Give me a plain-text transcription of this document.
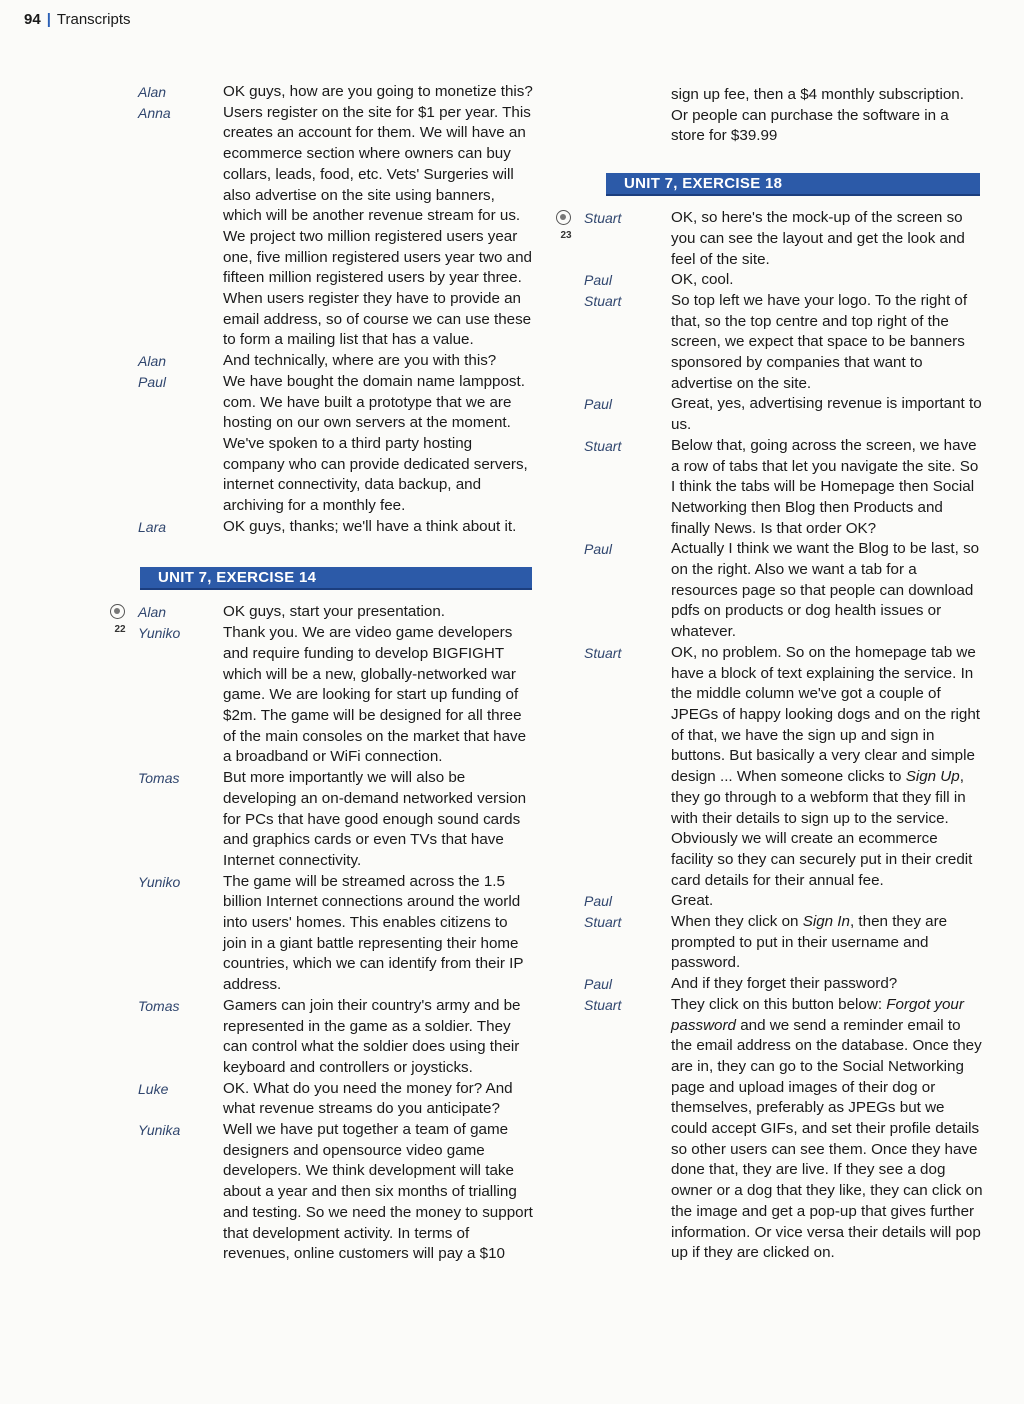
94 | Transcripts
Alan	OK guys, how are you going to monetize this?
Anna	Users register on the site for $1 per year. This creates an account for them. We will have an ecommerce section where owners can buy collars, leads, food, etc. Vets' Surgeries will also advertise on the site using banners, which will be another revenue stream for us. We project two million registered users year one, five million registered users year two and fifteen million registered users by year three. When users register they have to provide an email address, so of course we can use these to form a mailing list that has a value.
Alan	And technically, where are you with this?
Paul	We have bought the domain name lamppost. com. We have built a prototype that we are hosting on our own servers at the moment. We've spoken to a third party hosting company who can provide dedicated servers, internet connectivity, data backup, and archiving for a monthly fee.
Lara	OK guys, thanks; we'll have a think about it.
UNIT 7, EXERCISE 14
22
Alan	OK guys, start your presentation.
Yuniko	Thank you. We are video game developers and require funding to develop BIGFIGHT which will be a new, globally-networked war game. We are looking for start up funding of $2m. The game will be designed for all three of the main consoles on the market that have a broadband or WiFi connection.
Tomas	But more importantly we will also be developing an on-demand networked version for PCs that have good enough sound cards and graphics cards or even TVs that have Internet connectivity.
Yuniko	The game will be streamed across the 1.5 billion Internet connections around the world into users' homes. This enables citizens to join in a giant battle representing their home countries, which we can identify from their IP address.
Tomas	Gamers can join their country's army and be represented in the game as a soldier. They can control what the soldier does using their keyboard and controllers or joysticks.
Luke	OK. What do you need the money for? And what revenue streams do you anticipate?
Yunika	Well we have put together a team of game designers and opensource video game developers. We think development will take about a year and then six months of trialling and testing. So we need the money to support that development activity. In terms of revenues, online customers will pay a $10
sign up fee, then a $4 monthly subscription. Or people can purchase the software in a store for $39.99
UNIT 7, EXERCISE 18
23
Stuart	OK, so here's the mock-up of the screen so you can see the layout and get the look and feel of the site.
Paul	OK, cool.
Stuart	So top left we have your logo. To the right of that, so the top centre and top right of the screen, we expect that space to be banners sponsored by companies that want to advertise on the site.
Paul	Great, yes, advertising revenue is important to us.
Stuart	Below that, going across the screen, we have a row of tabs that let you navigate the site. So I think the tabs will be Homepage then Social Networking then Blog then Products and finally News. Is that order OK?
Paul	Actually I think we want the Blog to be last, so on the right. Also we want a tab for a resources page so that people can download pdfs on products or dog health issues or whatever.
Stuart	OK, no problem. So on the homepage tab we have a block of text explaining the service. In the middle column we've got a couple of JPEGs of happy looking dogs and on the right of that, we have the sign up and sign in buttons. But basically a very clear and simple design ... When someone clicks to Sign Up, they go through to a webform that they fill in with their details to sign up to the service. Obviously we will create an ecommerce facility so they can securely put in their credit card details for their annual fee.
Paul	Great.
Stuart	When they click on Sign In, then they are prompted to put in their username and password.
Paul	And if they forget their password?
Stuart	They click on this button below: Forgot your password and we send a reminder email to the email address on the database. Once they are in, they can go to the Social Networking page and upload images of their dog or themselves, preferably as JPEGs but we could accept GIFs, and set their profile details so other users can see them. Once they have done that, they are live. If they see a dog owner or a dog that they like, they can click on the image and get a pop-up that gives further information. Or vice versa their details will pop up if they are clicked on.
